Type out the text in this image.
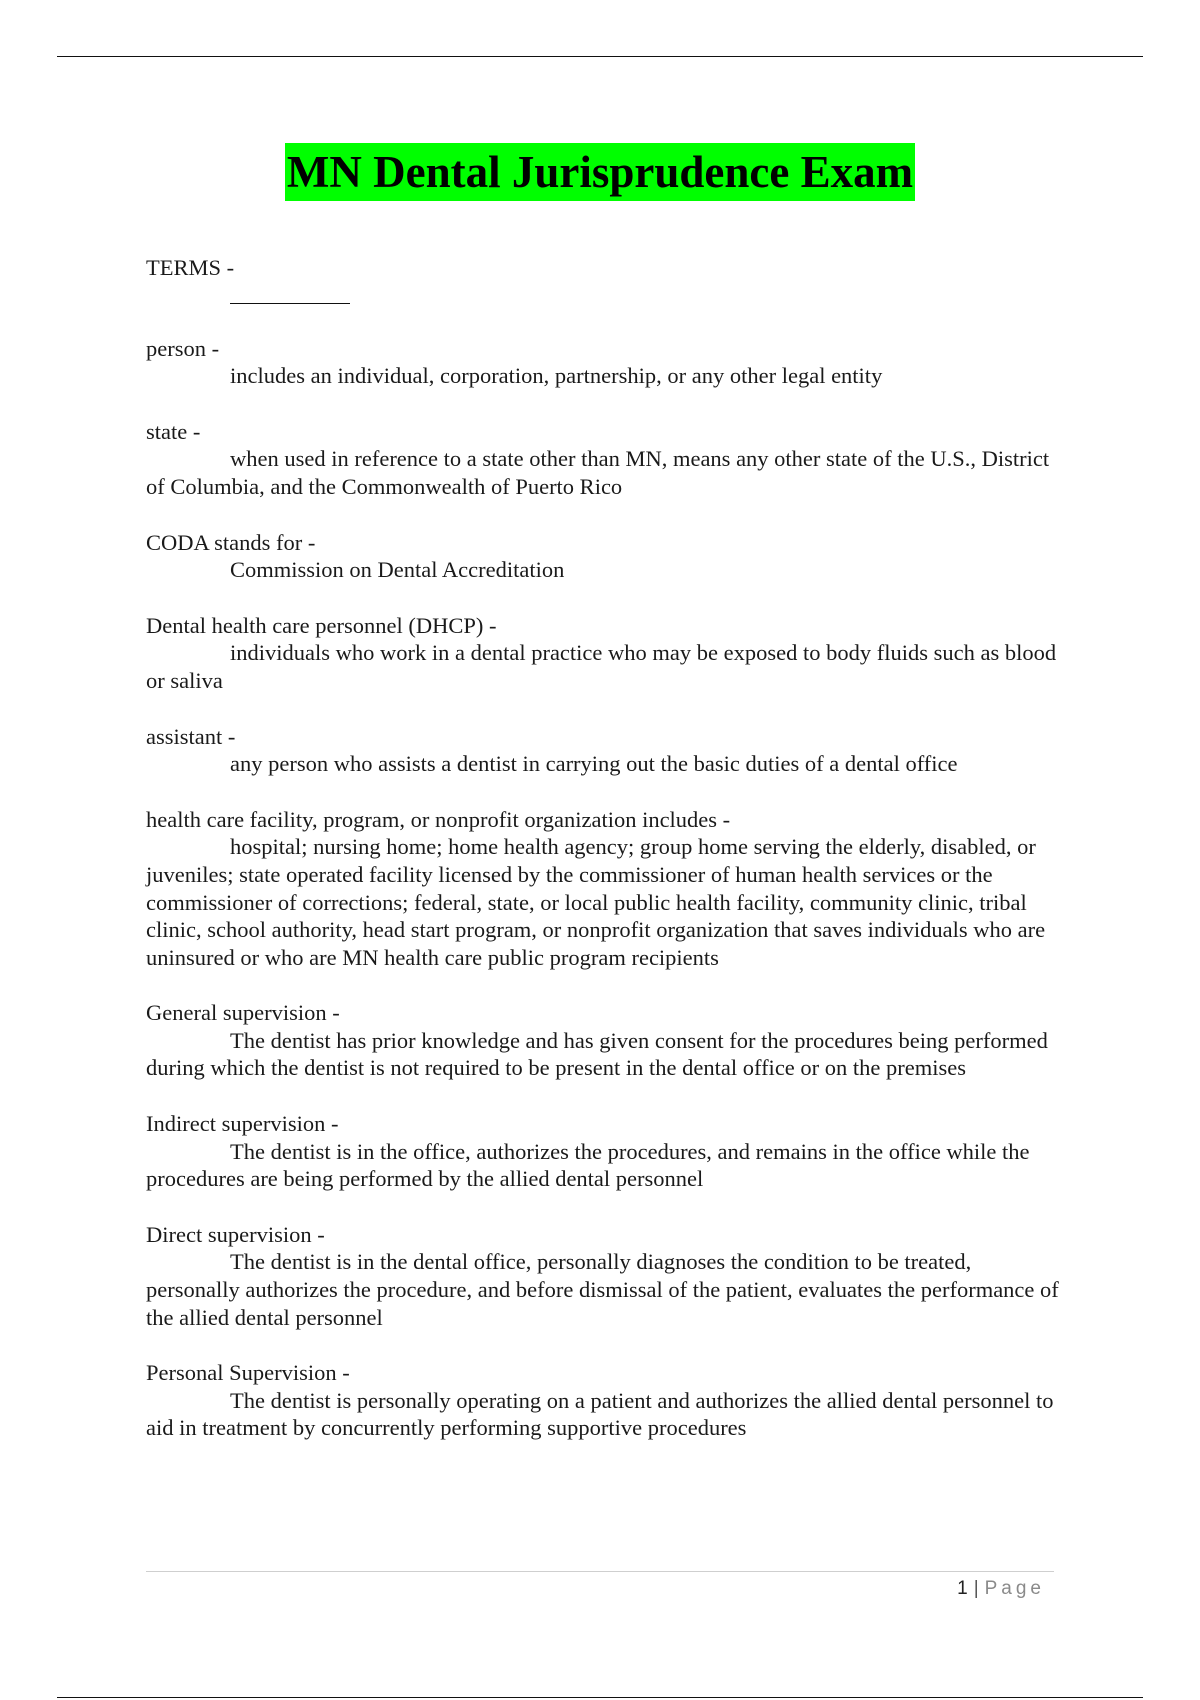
MN Dental Jurisprudence Exam

TERMS -

person -

includes an individual, corporation, partnership, or any other legal entity

state -

when used in reference to a state other than MN, means any other state of the U.S., District of Columbia, and the Commonwealth of Puerto Rico

CODA stands for -

Commission on Dental Accreditation

Dental health care personnel (DHCP) -

individuals who work in a dental practice who may be exposed to body fluids such as blood or saliva

assistant -

any person who assists a dentist in carrying out the basic duties of a dental office

health care facility, program, or nonprofit organization includes -

hospital; nursing home; home health agency; group home serving the elderly, disabled, or juveniles; state operated facility licensed by the commissioner of human health services or the commissioner of corrections; federal, state, or local public health facility, community clinic, tribal clinic, school authority, head start program, or nonprofit organization that saves individuals who are uninsured or who are MN health care public program recipients

General supervision -

The dentist has prior knowledge and has given consent for the procedures being performed during which the dentist is not required to be present in the dental office or on the premises

Indirect supervision -

The dentist is in the office, authorizes the procedures, and remains in the office while the procedures are being performed by the allied dental personnel

Direct supervision -

The dentist is in the dental office, personally diagnoses the condition to be treated, personally authorizes the procedure, and before dismissal of the patient, evaluates the performance of the allied dental personnel

Personal Supervision -

The dentist is personally operating on a patient and authorizes the allied dental personnel to aid in treatment by concurrently performing supportive procedures

1 | Page
